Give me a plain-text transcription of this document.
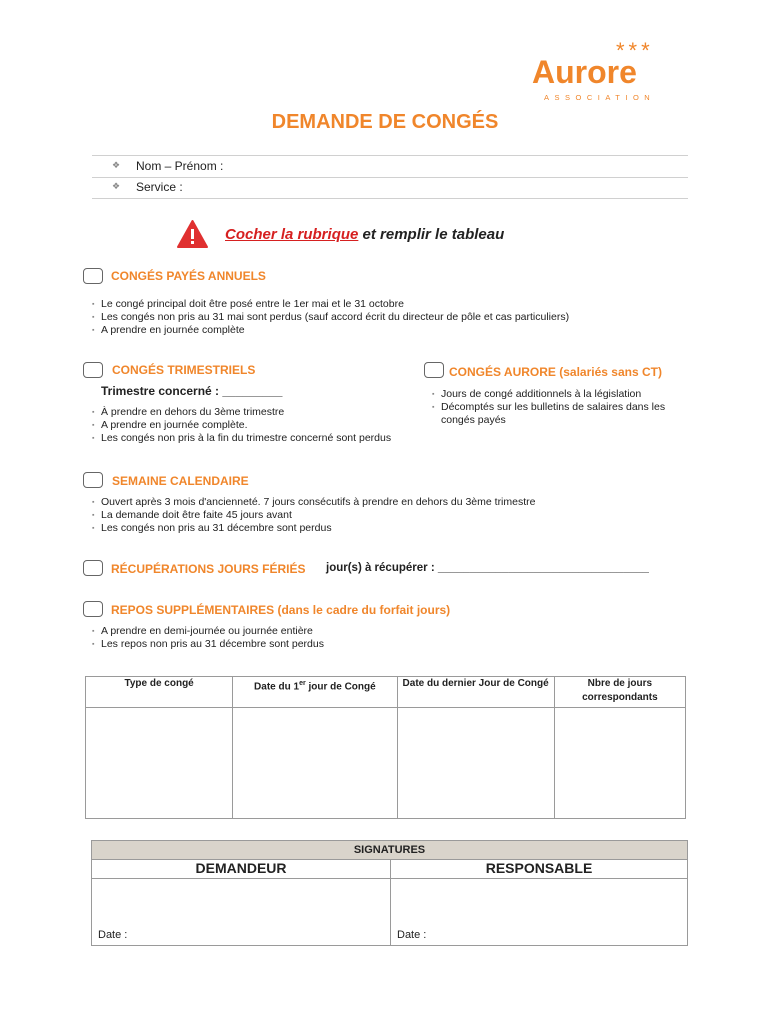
***
Aurore
ASSOCIATION
DEMANDE DE CONGÉS
❖ Nom – Prénom :
❖ Service :
Cocher la rubrique et remplir le tableau
CONGÉS PAYÉS ANNUELS
▪ Le congé principal doit être posé entre le 1er mai et le 31 octobre
▪ Les congés non pris au 31 mai sont perdus (sauf accord écrit du directeur de pôle et cas particuliers)
▪ A prendre en journée complète
CONGÉS TRIMESTRIELS
Trimestre concerné : _________
▪ À prendre en dehors du 3ème trimestre
▪ A prendre en journée complète.
▪ Les congés non pris à la fin du trimestre concerné sont perdus
CONGÉS AURORE (salariés sans CT)
▪ Jours de congé additionnels à la législation
▪ Décomptés sur les bulletins de salaires dans les congés payés
SEMAINE CALENDAIRE
▪ Ouvert après 3 mois d'ancienneté. 7 jours consécutifs à prendre en dehors du 3ème trimestre
▪ La demande doit être faite 45 jours avant
▪ Les congés non pris au 31 décembre sont perdus
RÉCUPÉRATIONS JOURS FÉRIÉS jour(s) à récupérer : _________________________________
REPOS SUPPLÉMENTAIRES (dans le cadre du forfait jours)
▪ A prendre en demi-journée ou journée entière
▪ Les repos non pris au 31 décembre sont perdus
Type de congé	Date du 1er jour de Congé	Date du dernier Jour de Congé	Nbre de jours correspondants

SIGNATURES	
DEMANDEUR	RESPONSABLE
Date :	Date :
